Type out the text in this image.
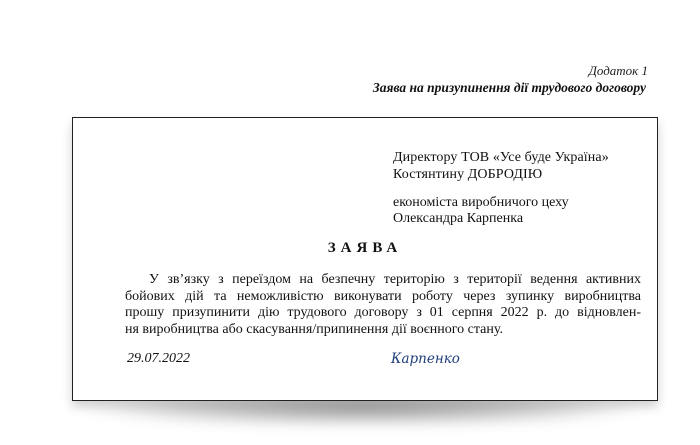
Додаток 1
Заява на призупинення дії трудового договору
Директору ТОВ «Усе буде Україна»
Костянтину ДОБРОДІЮ
економіста виробничого цеху
Олександра Карпенка
ЗАЯВА
У зв’язку з переїздом на безпечну територію з території ведення активних
бойових дій та неможливістю виконувати роботу через зупинку виробництва
прошу призупинити дію трудового договору з 01 серпня 2022 р. до відновлен-
ня виробництва або скасування/припинення дії воєнного стану.
29.07.2022	Карпенко
